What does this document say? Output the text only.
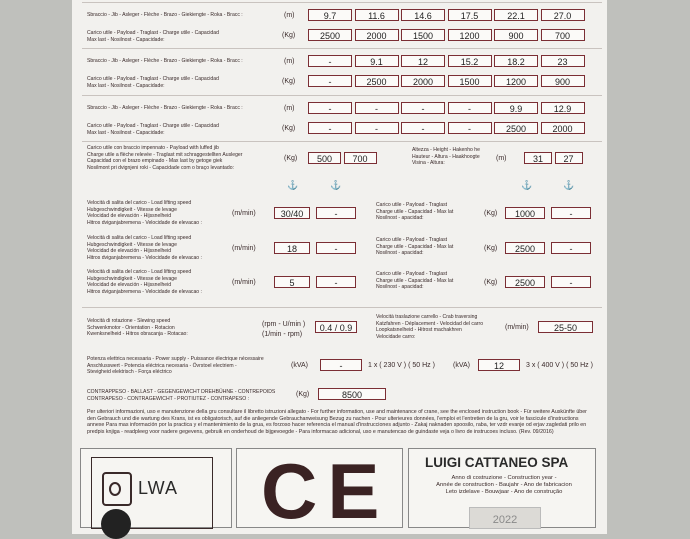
Sbraccio - Jib - Asleger - Flèche - Brazo - Giekiengte - Roka - Bracc :	(m)
Carico utile - Payload - Traglast - Charge utile - Capacidad
Max last - Nosilnost - Capacidade:
(Kg)
9.7	11.6	14.6	17.5	22.1	27.0
2500	2000	1500	1200	900	700
Sbraccio - Jib - Asleger - Flèche - Brazo - Giekiengte - Roka - Bracc :	(m)
Carico utile - Payload - Traglast - Charge utile - Capacidad
Max last - Nosilnost - Capacidade:
(Kg)
-	9.1	12	15.2	18.2	23
-	2500	2000	1500	1200	900
Sbraccio - Jib - Asleger - Flèche - Brazo - Giekiengte - Roka - Bracc :	(m)
Carico utile - Payload - Traglast - Charge utile - Capacidad
Max last - Nosilnost - Capacidade:
(Kg)
-	-	-	-	9.9	12.9
-	-	-	-	2500	2000
Carico utile con braccio impennato - Payload with luffed jib
Charge utile a flèche relevée - Traglast mit schraggestellten Ausleger
Capacidad con el brazo empinado - Max last by getoge giek
Nosilmont pri dvignjeni roki - Capacidade com o braço levantado:
(Kg)	500	700
Altezza - Height - Hakenho he
Hauteur - Altura - Haakhoogte
Visina - Altura:
(m)	31	27
⚓	⚓	⚓	⚓
Velocità di salita del carico - Load lifting speed
Hubgeschwindigkeit - Vitesse de levage
Velocidad de elevación - Hijssnelheid
Hitros dviganjabremena - Velocidade de elevacao :
(m/min)	30/40	-
Carico utile - Payload - Traglast
Charge utile - Capacidad - Max lat
Nosilnost - apacidad:
(Kg)	1000	-
Velocità di salita del carico - Load lifting speed
Hubgeschwindigkeit - Vitesse de levage
Velocidad de elevación - Hijssnelheid
Hitros dviganjabremena - Velocidade de elevacao :
(m/min)	18	-
Carico utile - Payload - Traglast
Charge utile - Capacidad - Max lat
Nosilnost - apacidad:
(Kg)	2500	-
Velocità di salita del carico - Load lifting speed
Hubgeschwindigkeit - Vitesse de levage
Velocidad de elevación - Hijssnelheid
Hitros dviganjabremena - Velocidade de elevacao :
(m/min)	5	-
Carico utile - Payload - Traglast
Charge utile - Capacidad - Max lat
Nosilnost - apacidad:
(Kg)	2500	-
Velocità di rotazione - Slewing speed
Schwenkmotor - Orientation - Rotacion
Kwenksnelheid - Hitros obracanja - Rotacao:
(rpm - U/min )
(1/min - rpm)
0.4 / 0.9
Velocità traslazione carrello - Crab traversing
Katzfahren - Déplacement - Velocidad del carro
Loopkatsnelheid - Hitrost machakhren
Velocidade carro:
(m/min)	25-50
Potenza elettrica necessaria - Power supply - Puissance électrique nécessaire
Anschlusswert - Potencia eléctrica necesaria - Övrstoel electriem -
Stevigheid elektrisch - Força eléctrico
(kVA)	-	1 x ( 230 V ) ( 50 Hz )	(kVA)	12	3 x ( 400 V ) ( 50 Hz )
CONTRAPPESO - BALLAST - GEGENGEWICHT DREHBÜHNE - CONTREPOIDS
CONTRAPESO - CONTRAGEWICHT - PROTIUTEZ - CONTRAPESO :
(Kg)	8500
Per ulteriori informazioni, uso e manutenzione della gru consultare il libretto istruzioni allegato - For further information, use and maintenance of crane, see the enclosed instruction book - Für weitere Auskünfte über den Gebrauch und die wartung des Krans, ist es obligatorisch, auf die anliegende Gebrauchanweisung Bezug zu nachen - Pour ulterieures données, l'emploi et l'entretien de la gru, voir le fascicule d'instructions annexe Para mas información por la practica y el mantenimiento de la grua, es forzoso hacer referencia el manual d'instrucciones adjunto - Zakaj naknaden spoosilo, raba, ter vzdr evanje od erjav zagledati prilo en predpis knjiga - readpleeg voor nadere gegevens, gebruik en onderhoud de bijgevoegde - Para informacao adicional, uso e manutencao de guindaste veja o livro de instrucoes incluso. (Rev. 09/2016)
LWA CE	LUIGI CATTANEO SPA
Anno di costruzione - Construction year -
Année de construction - Baujahr - Ano de fabricacion
Leto izdelave - Bouwjaar - Ano de construção
2022
